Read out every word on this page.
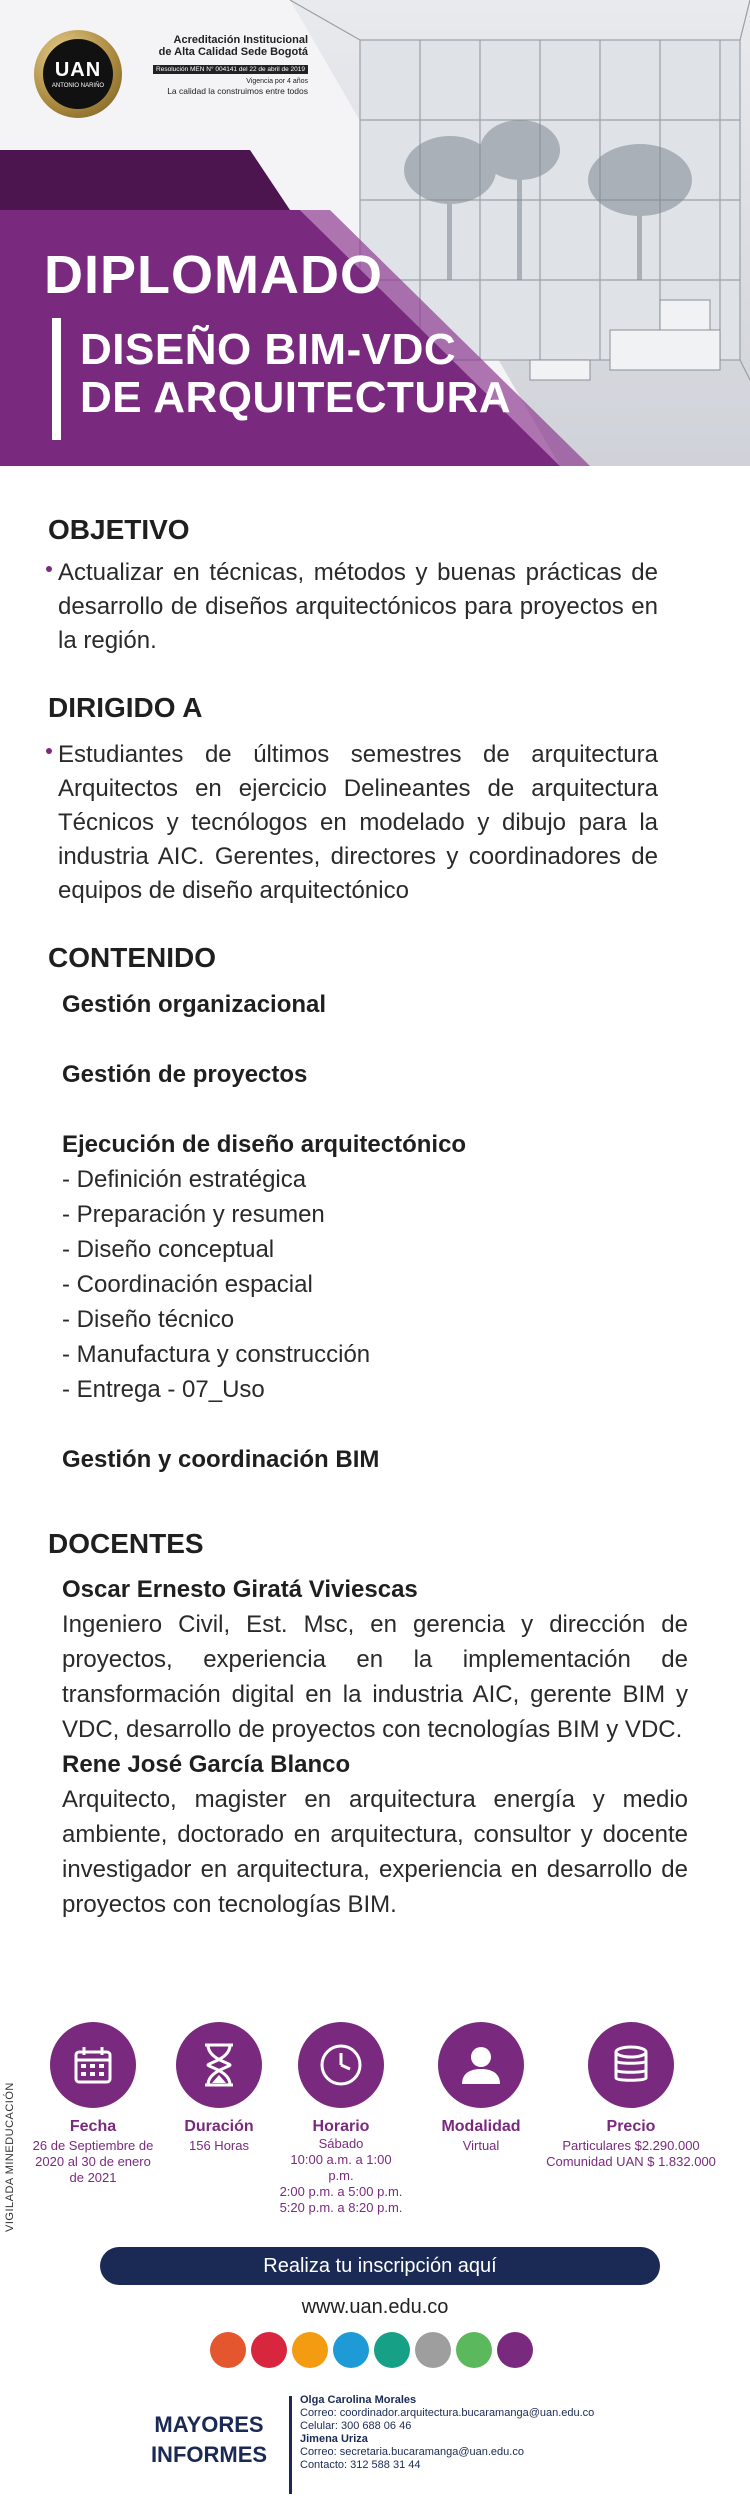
UAN
ANTONIO NARIÑO
Acreditación Institucional
de Alta Calidad Sede Bogotá
Resolución MEN N° 004141 del 22 de abril de 2019
Vigencia por 4 años
La calidad la construimos entre todos
DIPLOMADO
DISEÑO BIM-VDC
DE ARQUITECTURA
OBJETIVO
Actualizar en técnicas, métodos y buenas prácticas de desarrollo de diseños arquitectónicos para proyectos en la región.
DIRIGIDO A
Estudiantes de últimos semestres de arquitectura Arquitectos en ejercicio Delineantes de arquitectura Técnicos y tecnólogos en modelado y dibujo para la industria AIC. Gerentes, directores y coordinadores de equipos de diseño arquitectónico
CONTENIDO
Gestión organizacional
Gestión de proyectos
Ejecución de diseño arquitectónico
- Definición estratégica
- Preparación y resumen
- Diseño conceptual
- Coordinación espacial
- Diseño técnico
- Manufactura y construcción
- Entrega - 07_Uso
Gestión y coordinación BIM
DOCENTES
Oscar Ernesto Giratá Viviescas
Ingeniero Civil, Est. Msc, en gerencia y dirección de proyectos, experiencia en la implementación de transformación digital en la industria AIC, gerente BIM y VDC, desarrollo de proyectos con tecnologías BIM y VDC.
Rene José García Blanco
Arquitecto, magister en arquitectura energía y medio ambiente, doctorado en arquitectura, consultor y docente investigador en arquitectura, experiencia en desarrollo de proyectos con tecnologías BIM.
Fecha
26 de Septiembre de 2020 al 30 de enero de 2021
Duración
156 Horas
Horario
Sábado
10:00 a.m. a 1:00 p.m.
2:00 p.m. a 5:00 p.m.
5:20 p.m. a 8:20 p.m.
Modalidad
Virtual
Precio
Particulares $2.290.000
Comunidad UAN $ 1.832.000
VIGILADA MINEDUCACIÓN
Realiza tu inscripción aquí
www.uan.edu.co
MAYORES
INFORMES
Olga Carolina Morales
Correo: coordinador.arquitectura.bucaramanga@uan.edu.co
Celular: 300 688 06 46
Jimena Uriza
Correo: secretaria.bucaramanga@uan.edu.co
Contacto: 312 588 31 44
